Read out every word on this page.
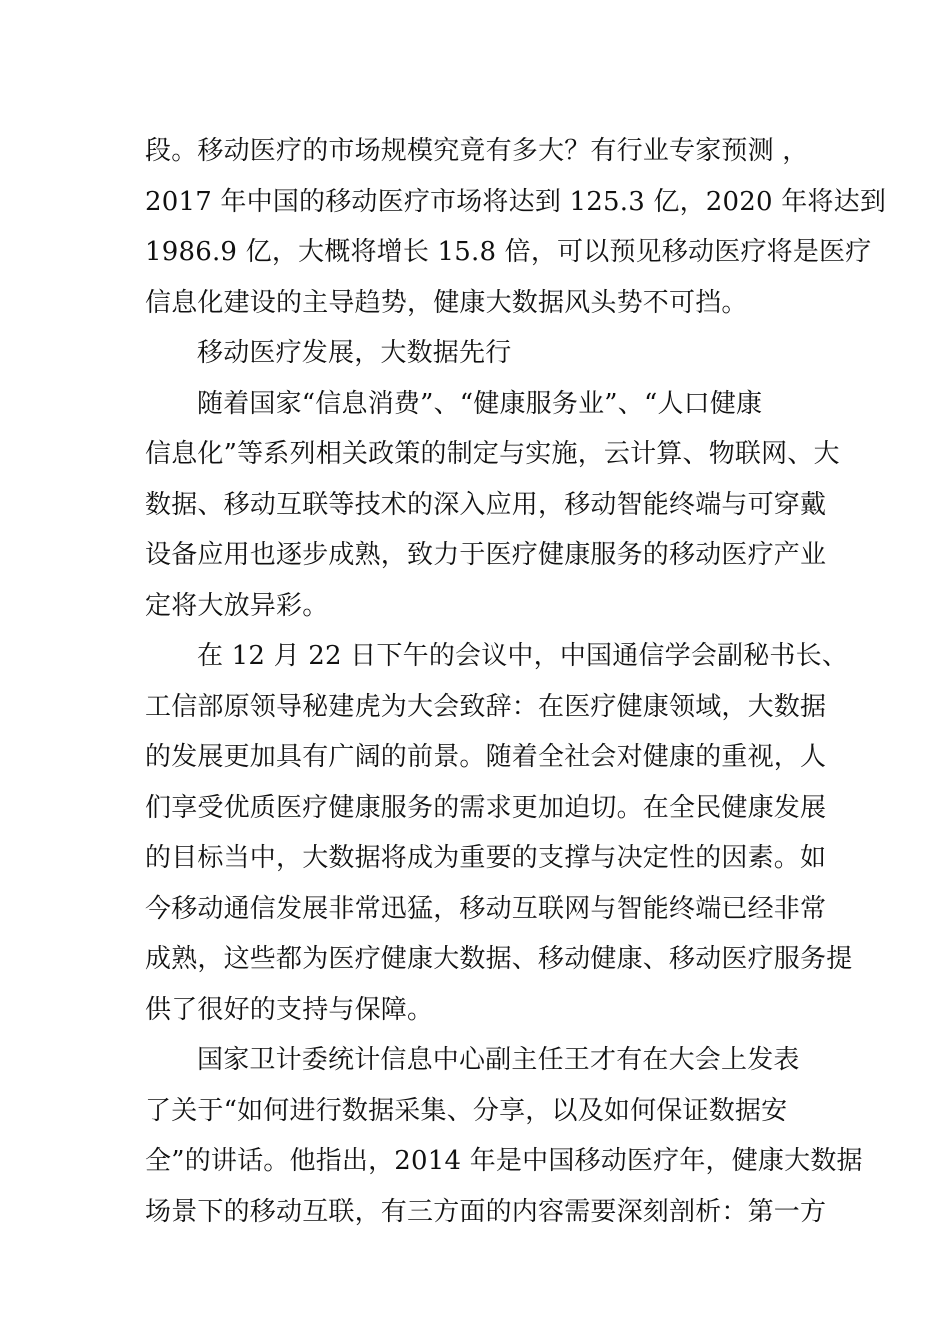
段。移动医疗的市场规模究竟有多大？有行业专家预测 ，
2017 年中国的移动医疗市场将达到 125.3 亿，2020 年将达到
1986.9 亿，大概将增长 15.8 倍，可以预见移动医疗将是医疗
信息化建设的主导趋势，健康大数据风头势不可挡。
移动医疗发展，大数据先行
随着国家“信息消费”、“健康服务业”、“人口健康
信息化”等系列相关政策的制定与实施，云计算、物联网、大
数据、移动互联等技术的深入应用，移动智能终端与可穿戴
设备应用也逐步成熟，致力于医疗健康服务的移动医疗产业
定将大放异彩。
在 12 月 22 日下午的会议中，中国通信学会副秘书长、
工信部原领导秘建虎为大会致辞：在医疗健康领域，大数据
的发展更加具有广阔的前景。随着全社会对健康的重视，人
们享受优质医疗健康服务的需求更加迫切。在全民健康发展
的目标当中，大数据将成为重要的支撑与决定性的因素。如
今移动通信发展非常迅猛，移动互联网与智能终端已经非常
成熟，这些都为医疗健康大数据、移动健康、移动医疗服务提
供了很好的支持与保障。
国家卫计委统计信息中心副主任王才有在大会上发表
了关于“如何进行数据采集、分享，以及如何保证数据安
全”的讲话。他指出，2014 年是中国移动医疗年，健康大数据
场景下的移动互联，有三方面的内容需要深刻剖析：第一方
